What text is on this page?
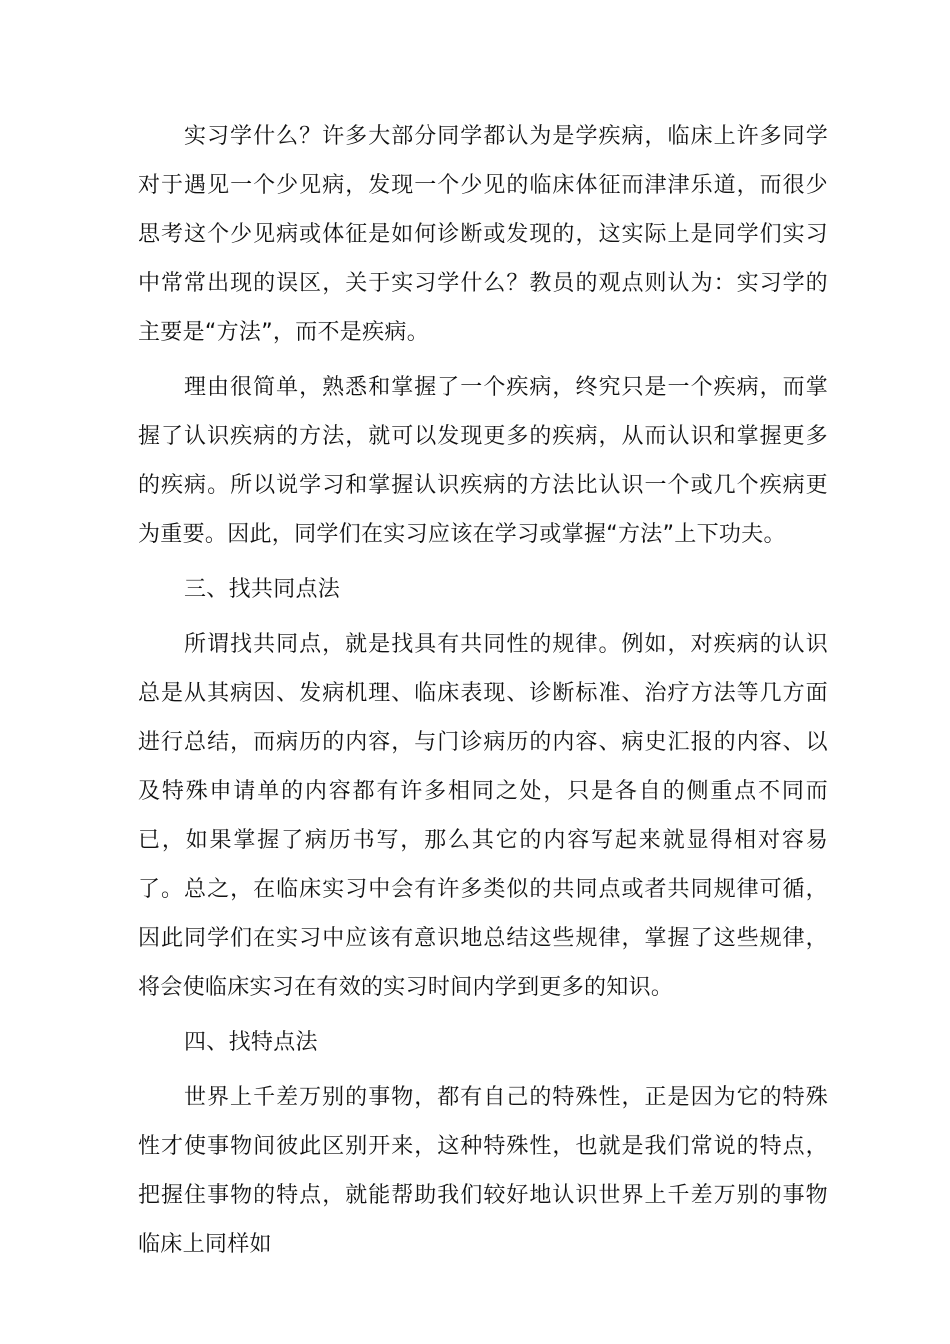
实习学什么？许多大部分同学都认为是学疾病，临床上许多同学对于遇见一个少见病，发现一个少见的临床体征而津津乐道，而很少思考这个少见病或体征是如何诊断或发现的，这实际上是同学们实习中常常出现的误区，关于实习学什么？教员的观点则认为：实习学的主要是“方法”，而不是疾病。

理由很简单，熟悉和掌握了一个疾病，终究只是一个疾病，而掌握了认识疾病的方法，就可以发现更多的疾病，从而认识和掌握更多的疾病。所以说学习和掌握认识疾病的方法比认识一个或几个疾病更为重要。因此，同学们在实习应该在学习或掌握“方法”上下功夫。

三、找共同点法

所谓找共同点，就是找具有共同性的规律。例如，对疾病的认识总是从其病因、发病机理、临床表现、诊断标准、治疗方法等几方面进行总结，而病历的内容，与门诊病历的内容、病史汇报的内容、以及特殊申请单的内容都有许多相同之处，只是各自的侧重点不同而已，如果掌握了病历书写，那么其它的内容写起来就显得相对容易了。总之，在临床实习中会有许多类似的共同点或者共同规律可循，因此同学们在实习中应该有意识地总结这些规律，掌握了这些规律，将会使临床实习在有效的实习时间内学到更多的知识。

四、找特点法

世界上千差万别的事物，都有自己的特殊性，正是因为它的特殊性才使事物间彼此区别开来，这种特殊性，也就是我们常说的特点，把握住事物的特点，就能帮助我们较好地认识世界上千差万别的事物临床上同样如
